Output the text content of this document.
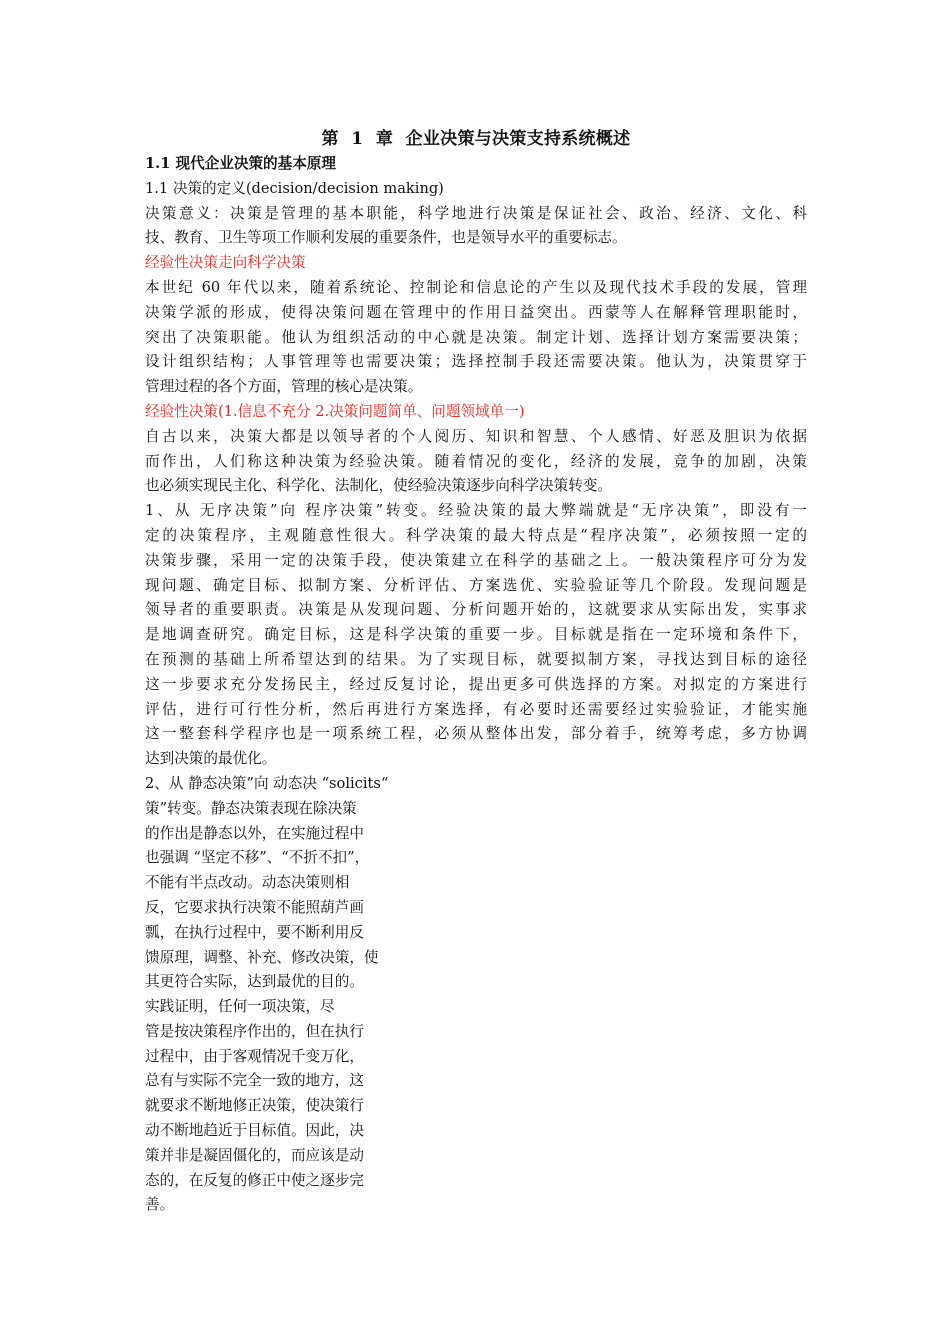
第  1  章  企业决策与决策支持系统概述
1.1 现代企业决策的基本原理
1.1 决策的定义(decision/decision making)
决策意义：决策是管理的基本职能，科学地进行决策是保证社会、政治、经济、文化、科
技、教育、卫生等项工作顺利发展的重要条件，也是领导水平的重要标志。
经验性决策走向科学决策
本世纪 60 年代以来，随着系统论、控制论和信息论的产生以及现代技术手段的发展，管理
决策学派的形成，使得决策问题在管理中的作用日益突出。西蒙等人在解释管理职能时，
突出了决策职能。他认为组织活动的中心就是决策。制定计划、选择计划方案需要决策；
设计组织结构；人事管理等也需要决策；选择控制手段还需要决策。他认为，决策贯穿于
管理过程的各个方面，管理的核心是决策。
经验性决策(1.信息不充分 2.决策问题简单、问题领域单一)
自古以来，决策大都是以领导者的个人阅历、知识和智慧、个人感情、好恶及胆识为依据
而作出，人们称这种决策为经验决策。随着情况的变化，经济的发展，竞争的加剧，决策
也必须实现民主化、科学化、法制化，使经验决策逐步向科学决策转变。
1、从 无序决策”向 程序决策”转变。经验决策的最大弊端就是“无序决策”，即没有一
定的决策程序，主观随意性很大。科学决策的最大特点是“程序决策”，必须按照一定的
决策步骤，采用一定的决策手段，使决策建立在科学的基础之上。一般决策程序可分为发
现问题、确定目标、拟制方案、分析评估、方案选优、实验验证等几个阶段。发现问题是
领导者的重要职责。决策是从发现问题、分析问题开始的，这就要求从实际出发，实事求
是地调查研究。确定目标，这是科学决策的重要一步。目标就是指在一定环境和条件下，
在预测的基础上所希望达到的结果。为了实现目标，就要拟制方案，寻找达到目标的途径
这一步要求充分发扬民主，经过反复讨论，提出更多可供选择的方案。对拟定的方案进行
评估，进行可行性分析，然后再进行方案选择，有必要时还需要经过实验验证，才能实施
这一整套科学程序也是一项系统工程，必须从整体出发，部分着手，统筹考虑，多方协调
达到决策的最优化。
2、从 静态决策”向 动态决 “solicits“
策”转变。静态决策表现在除决策
的作出是静态以外，在实施过程中
也强调 “坚定不移”、“不折不扣”，
不能有半点改动。动态决策则相
反，它要求执行决策不能照葫芦画
瓢，在执行过程中，要不断利用反
馈原理，调整、补充、修改决策，使
其更符合实际，达到最优的目的。
实践证明，任何一项决策，尽
管是按决策程序作出的，但在执行
过程中，由于客观情况千变万化，
总有与实际不完全一致的地方，这
就要求不断地修正决策，使决策行
动不断地趋近于目标值。因此，决
策并非是凝固僵化的，而应该是动
态的，在反复的修正中使之逐步完
善。
